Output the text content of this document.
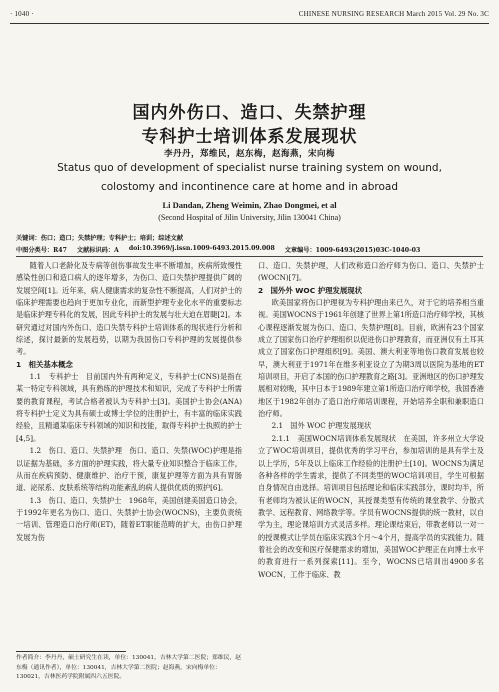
· 1040 ·	CHINESE NURSING RESEARCH March 2015 Vol. 29 No. 3C
国内外伤口、造口、失禁护理
专科护士培训体系发展现状
李丹丹，郑维民，赵东梅，赵海燕，宋向梅
Status quo of development of specialist nurse training system on wound,
colostomy and incontinence care at home and in abroad
Li Dandan, Zheng Weimin, Zhao Dongmei, et al
(Second Hospital of Jilin University, Jilin 130041 China)
关键词：伤口；造口；失禁护理；专科护士；培训；综述文献
中图分类号：R47 文献标识码：A doi:10.3969/j.issn.1009-6493.2015.09.008 文章编号：1009-6493(2015)03C-1040-03

随着人口老龄化及专病等创伤事故发生率不断增加，疾病所致慢性感染性创口和造口病人的逐年增多，为伤口、造口失禁护理提供广阔的发展空间[1]。近年来，病人健康需求的复杂性不断提高，人们对护士的临床护理需要也趋向于更加专业化，而新型护理专业化水平的重要标志是临床护理专科化的发展，因此专科护士的发展与壮大迫在眉睫[2]。本研究通过对国内外伤口、造口失禁专科护士培训体系的现状进行分析和综述，探讨最新的发展趋势，以期为我国伤口专科护理的发展提供参考。

1　相关基本概念

1.1　专科护士　目前国内外有两种定义，专科护士(CNS)是指在某一特定专科领域，具有熟练的护理技术和知识，完成了专科护士所需要的教育课程，考试合格者被认为专科护士[3]。美国护士协会(ANA)将专科护士定义为具有硕士或博士学位的注册护士，有丰富的临床实践经验，且精通某临床专科领域的知识和技能，取得专科护士执照的护士[4,5]。

1.2　伤口、造口、失禁护理　伤口、造口、失禁(WOC)护理是指以证据为基础，多方面的护理实践，将大量专业知识整合于临床工作，从而在疾病预防、健康维护、治疗干预，康复护理等方面为具有胃肠道、泌尿系、皮肤系统等结构功能紊乱的病人提供优质的照护[6]。

1.3　伤口、造口、失禁护士　1968年，美国创建美国造口协会，于1992年更名为伤口、造口、失禁护士协会(WOCNS)，主要负责统一培训、管理造口治疗师(ET)，随着ET职能范畴的扩大，由伤口护理发展为伤

口、造口、失禁护理，人们改称造口治疗师为伤口、造口、失禁护士(WOCN)[7]。

2　国外外 WOC 护理发展现状

欧美国家将伤口护理视为专科护理由来已久，对于它的培养相当重视。美国WOCNS于1961年创建了世界上第1所造口治疗师学校，其核心课程逐渐发展为伤口、造口、失禁护理[8]。目前，欧洲有23个国家成立了国家伤口治疗护理组织以促进伤口护理教育，而亚洲仅有土耳其成立了国家伤口护理组织[9]。美国、澳大利亚等地伤口教育发展也较早，澳大利亚于1971年在维多利亚设立了为期3周以医院为基地的ET培训项目，开启了本国的伤口护理教育之路[3]。亚洲地区的伤口护理发展相对较晚，其中日本于1989年建立第1所造口治疗师学校，我国香港地区于1982年创办了造口治疗师培训课程，开始培养全职和兼职造口治疗师。

2.1　国外 WOC 护理发展现状

2.1.1　美国WOCN培训体系发展现状　在美国，许多州立大学设立了WOC培训项目，提供优秀的学习平台，参加培训的是具有学士及以上学历，5年及以上临床工作经验的注册护士[10]。WOCNS为满足各种各样的学生需求，提供了不同类型的WOC培训项目，学生可根据自身情况自由选择。培训项目包括理论和临床实践部分，课时均半，所有老师均为被认证的WOCN，其授课类型有传统的课堂教学、分散式教学、远程教育、网络教学等。学员有WOCNS提供的统一教材，以自学为主，理论课培训方式灵活多样。理论课结束后，带教老师以一对一的授课模式让学员在临床实践3个月～4个月，提高学员的实践能力。随着社会的改变和医疗保健需求的增加，美国WOC护理正在向博士水平的教育进行一系列探索[11]。至今，WOCNS已培训出4900多名WOCN，工作于临床、教

作者简介：李丹丹，硕士研究生在读，单位：130041，吉林大学第二医院；郑维民，赵东梅（通讯作者），单位：130041，吉林大学第二医院；赵海燕，宋向梅单位：130021，吉林医药学院附属四六五医院。
